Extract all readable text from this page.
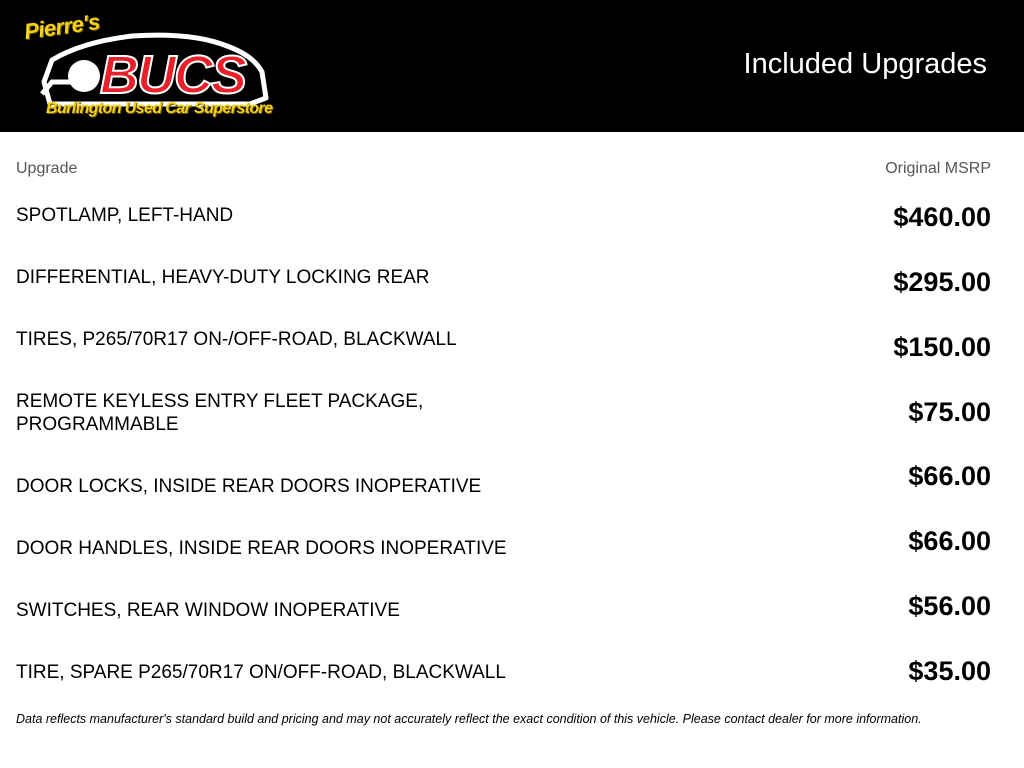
Pierre's
BUCS
Burlington Used Car Superstore
Included Upgrades
Upgrade	Original MSRP
SPOTLAMP, LEFT-HAND	$460.00
DIFFERENTIAL, HEAVY-DUTY LOCKING REAR	$295.00
TIRES, P265/70R17 ON-/OFF-ROAD, BLACKWALL	$150.00
REMOTE KEYLESS ENTRY FLEET PACKAGE, PROGRAMMABLE	$75.00
DOOR LOCKS, INSIDE REAR DOORS INOPERATIVE	$66.00
DOOR HANDLES, INSIDE REAR DOORS INOPERATIVE	$66.00
SWITCHES, REAR WINDOW INOPERATIVE	$56.00
TIRE, SPARE P265/70R17 ON/OFF-ROAD, BLACKWALL	$35.00
Data reflects manufacturer's standard build and pricing and may not accurately reflect the exact condition of this vehicle. Please contact dealer for more information.
